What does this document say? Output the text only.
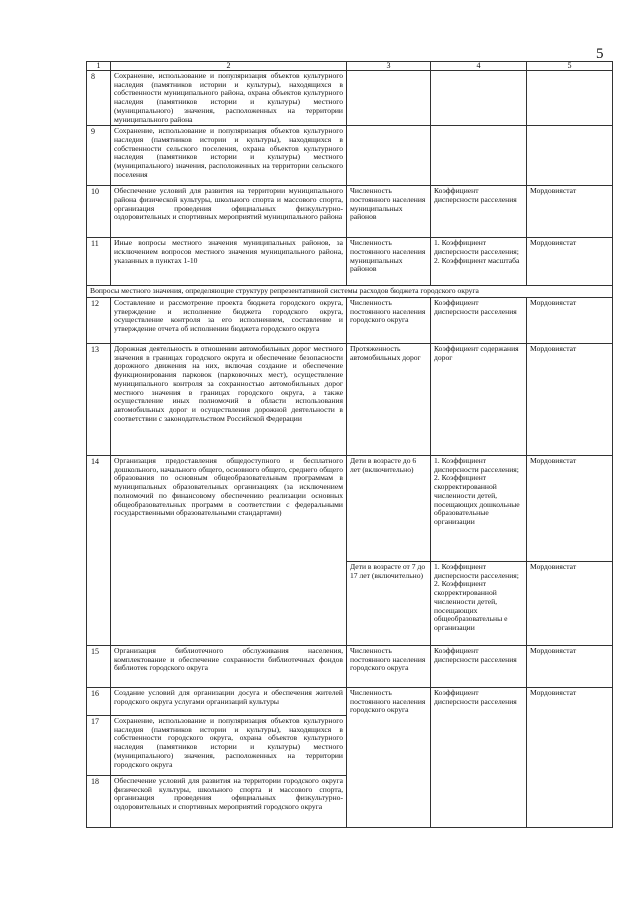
5
1	2	3	4	5
8	Сохранение, использование и популяризация объектов культурного наследия (памятников истории и культуры), находящихся в собственности муниципального района, охрана объектов культурного наследия (памятников истории и культуры) местного (муниципального) значения, расположенных на территории муниципального района			
9	Сохранение, использование и популяризация объектов культурного наследия (памятников истории и культуры), находящихся в собственности сельского поселения, охрана объектов культурного наследия (памятников истории и культуры) местного (муниципального) значения, расположенных на территории сельского поселения			
10	Обеспечение условий для развития на территории муниципального района физической культуры, школьного спорта и массового спорта, организация проведения официальных физкультурно-оздоровительных и спортивных мероприятий муниципального района	Численность постоянного населения муниципальных районов	Коэффициент дисперсности расселения	Мордовиястат
11	Иные вопросы местного значения муниципальных районов, за исключением вопросов местного значения муниципального района, указанных в пунктах 1-10	Численность постоянного населения муниципальных районов	1. Коэффициент дисперсности расселения; 2. Коэффициент масштаба	Мордовиястат
Вопросы местного значения, определяющие структуру репрезентативной системы расходов бюджета городского округа				
12	Составление и рассмотрение проекта бюджета городского округа, утверждение и исполнение бюджета городского округа, осуществление контроля за его исполнением, составление и утверждение отчета об исполнении бюджета городского округа	Численность постоянного населения городского округа	Коэффициент дисперсности расселения	Мордовиястат
13	Дорожная деятельность в отношении автомобильных дорог местного значения в границах городского округа и обеспечение безопасности дорожного движения на них, включая создание и обеспечение функционирования парковок (парковочных мест), осуществление муниципального контроля за сохранностью автомобильных дорог местного значения в границах городского округа, а также осуществление иных полномочий в области использования автомобильных дорог и осуществления дорожной деятельности в соответствии с законодательством Российской Федерации	Протяженность автомобильных дорог	Коэффициент содержания дорог	Мордовиястат
14	Организация предоставления общедоступного и бесплатного дошкольного, начального общего, основного общего, среднего общего образования по основным общеобразовательным программам в муниципальных образовательных организациях (за исключением полномочий по финансовому обеспечению реализации основных общеобразовательных программ в соответствии с федеральными государственными образовательными стандартами)	Дети в возрасте до 6 лет (включительно)	1. Коэффициент дисперсности расселения; 2. Коэффициент скорректированной численности детей, посещающих дошкольные образовательные организации	Мордовиястат
		Дети в возрасте от 7 до 17 лет (включительно)	1. Коэффициент дисперсности расселения; 2. Коэффициент скорректированной численности детей, посещающих общеобразовательны е организации	Мордовиястат
15	Организация библиотечного обслуживания населения, комплектование и обеспечение сохранности библиотечных фондов библиотек городского округа	Численность постоянного населения городского округа	Коэффициент дисперсности расселения	Мордовиястат
16	Создание условий для организации досуга и обеспечения жителей городского округа услугами организаций культуры	Численность постоянного населения городского округа	Коэффициент дисперсности расселения	Мордовиястат
17	Сохранение, использование и популяризация объектов культурного наследия (памятников истории и культуры), находящихся в собственности городского округа, охрана объектов культурного наследия (памятников истории и культуры) местного (муниципального) значения, расположенных на территории городского округа			
18	Обеспечение условий для развития на территории городского округа физической культуры, школьного спорта и массового спорта, организация проведения официальных физкультурно-оздоровительных и спортивных мероприятий городского округа			
